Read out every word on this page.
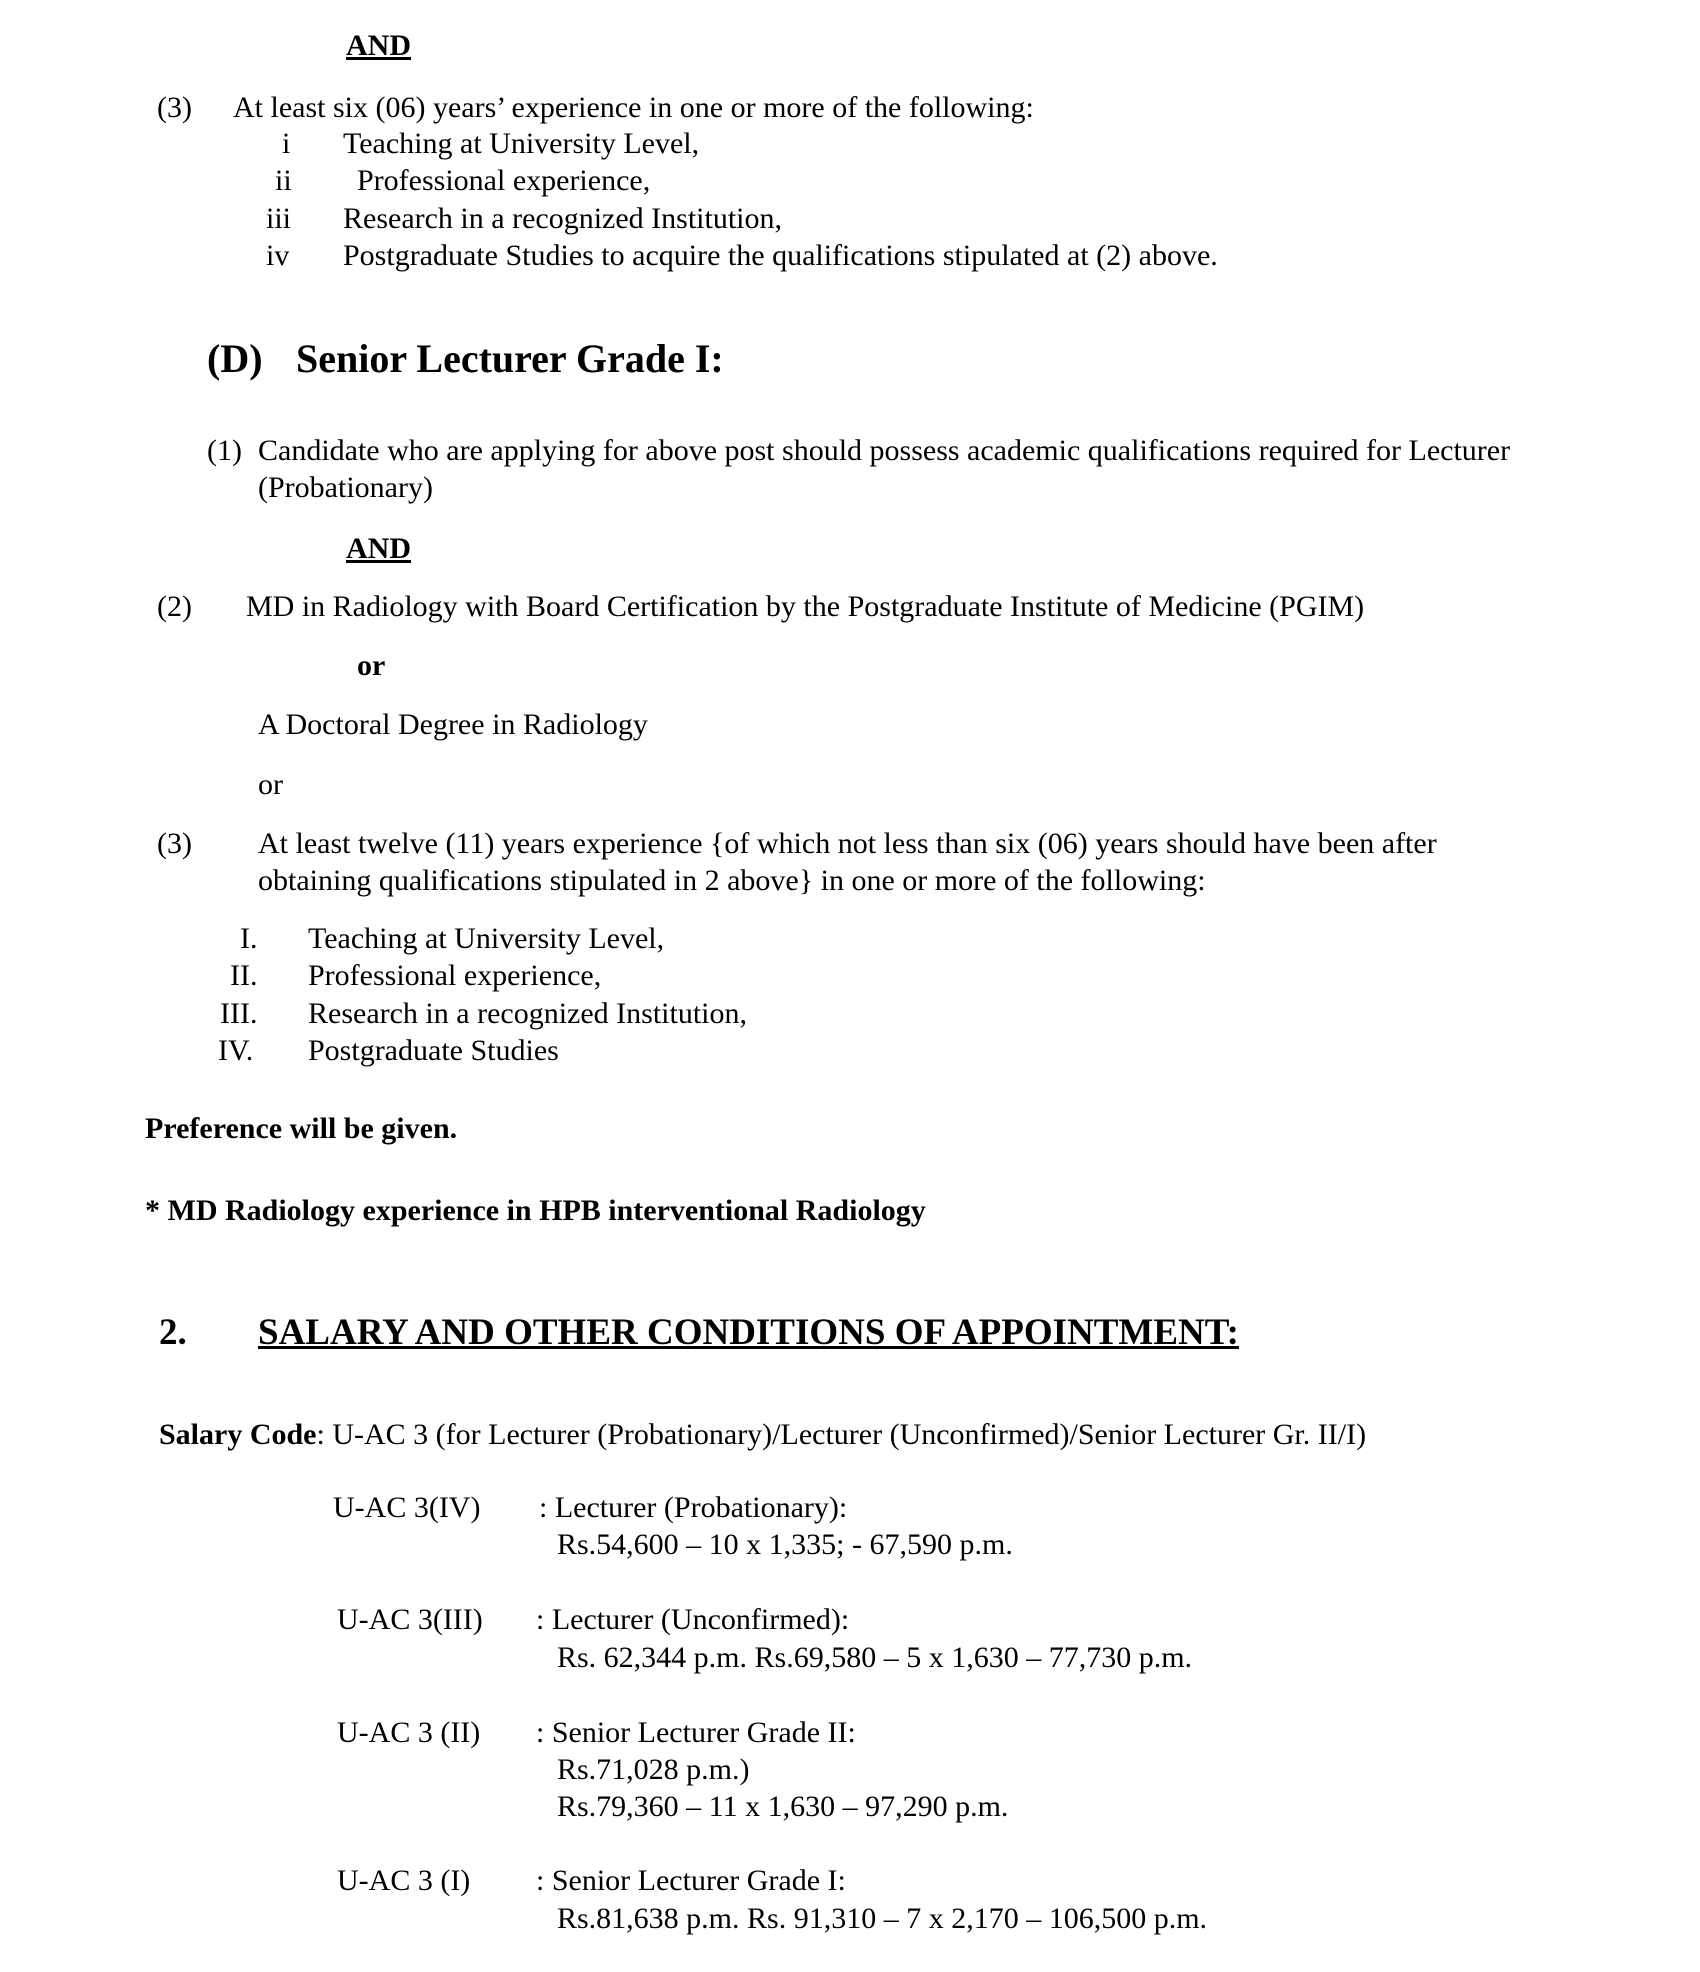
AND
(3) At least six (06) years’ experience in one or more of the following:
i Teaching at University Level,
ii Professional experience,
iii Research in a recognized Institution,
iv Postgraduate Studies to acquire the qualifications stipulated at (2) above.
(D) Senior Lecturer Grade I:
(1) Candidate who are applying for above post should possess academic qualifications required for Lecturer
(Probationary)
AND
(2) MD in Radiology with Board Certification by the Postgraduate Institute of Medicine (PGIM)
or
A Doctoral Degree in Radiology
or
(3) At least twelve (11) years experience {of which not less than six (06) years should have been after
obtaining qualifications stipulated in 2 above} in one or more of the following:
I. Teaching at University Level,
II. Professional experience,
III. Research in a recognized Institution,
IV. Postgraduate Studies
Preference will be given.
* MD Radiology experience in HPB interventional Radiology
2. SALARY AND OTHER CONDITIONS OF APPOINTMENT:
Salary Code: U-AC 3 (for Lecturer (Probationary)/Lecturer (Unconfirmed)/Senior Lecturer Gr. II/I)
U-AC 3(IV) : Lecturer (Probationary):
Rs.54,600 – 10 x 1,335; - 67,590 p.m.
U-AC 3(III) : Lecturer (Unconfirmed):
Rs. 62,344 p.m. Rs.69,580 – 5 x 1,630 – 77,730 p.m.
U-AC 3 (II) : Senior Lecturer Grade II:
Rs.71,028 p.m.)
Rs.79,360 – 11 x 1,630 – 97,290 p.m.
U-AC 3 (I) : Senior Lecturer Grade I:
Rs.81,638 p.m. Rs. 91,310 – 7 x 2,170 – 106,500 p.m.
